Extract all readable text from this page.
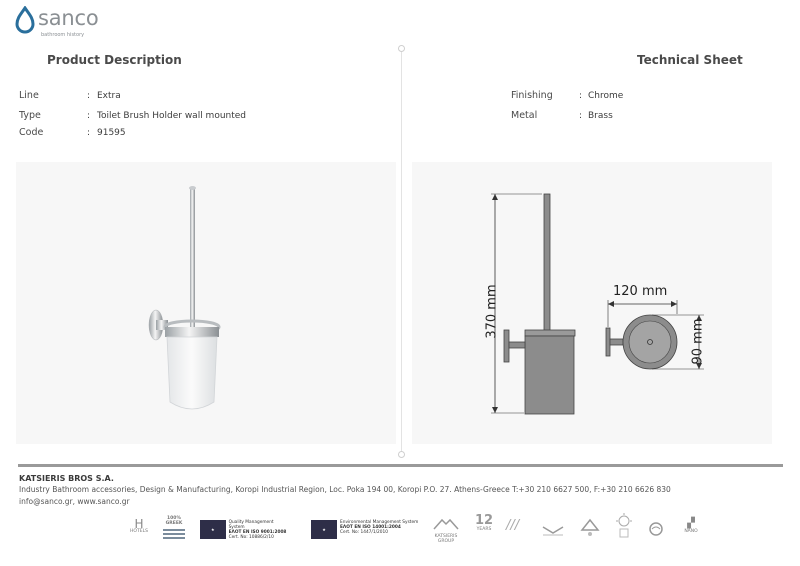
sanco
bathroom history
Product Description	Technical Sheet
Line	: Extra
Type	: Toilet Brush Holder wall mounted
Code	: 91595
Finishing	: Chrome
Metal	: Brass
370 mm	120 mm
90 mm
KATSIERIS BROS S.A.
Industry Bathroom accessories, Design & Manufacturing, Koropi Industrial Region, Loc. Poka 194 00, Koropi P.O. 27. Athens-Greece T:+30 210 6627 500, F:+30 210 6626 830
info@sanco.gr, www.sanco.gr
H
HOTELS
100% GREEK
★
Quality Management System
ΕΛΟΤ EN ISO 9001:2008
Cert. No: 10886/2/10
★
Environmental Management System
ΕΛΟΤ EN ISO 14001:2004
Cert. No: 1447/1/2010
KATSIERIS GROUP
12
YEARS ///	▞
NANO
